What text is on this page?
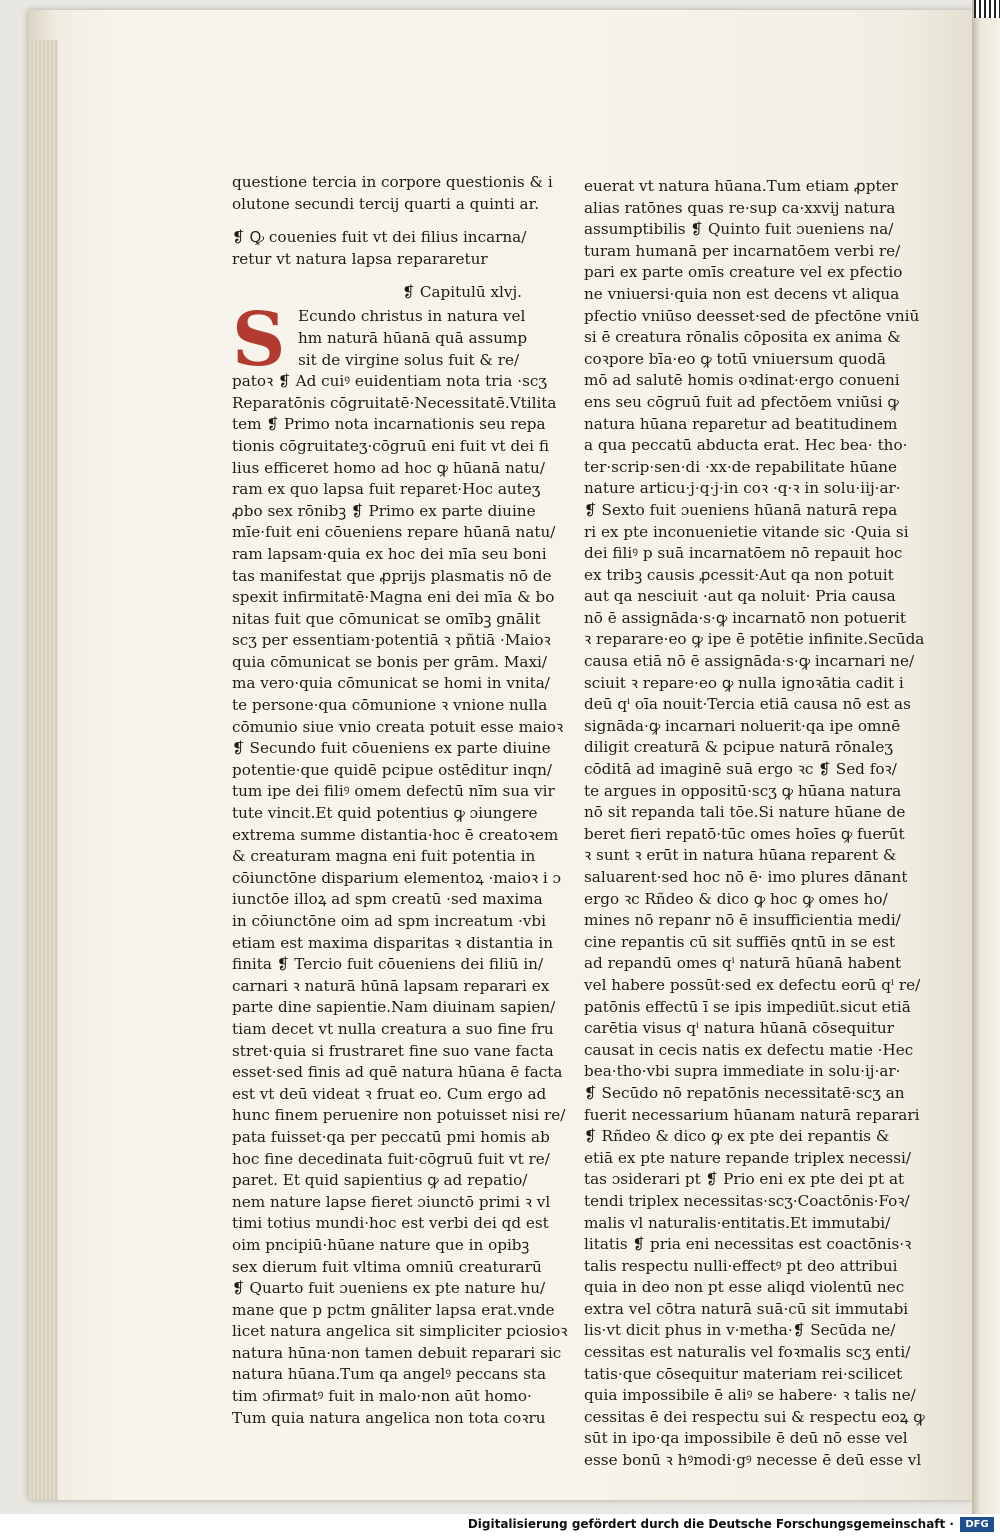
questione tercia in corpore questionis & i
olutone secundi tercij quarti a quinti ar.
❡ Ꝙ couenies fuit vt dei filius incarna/
retur vt natura lapsa repararetur
❡ Capitulū xlvj.
S Ecundo christus in natura vel
hm naturā hūanā quā assump
sit de virgine solus fuit & re/
patoꝛ ❡ Ad cuiꝰ euidentiam nota tria ·scʒ
Reparatōnis cōgruitatē·Necessitatē.Vtilita
tem ❡ Primo nota incarnationis seu repa
tionis cōgruitateʒ·cōgruū eni fuit vt dei fi
lius efficeret homo ad hoc ꝙ hūanā natu/
ram ex quo lapsa fuit reparet·Hoc auteʒ
ꝓbo sex rōnibꝫ ❡ Primo ex parte diuine
mīe·fuit eni cōueniens repare hūanā natu/
ram lapsam·quia ex hoc dei mīa seu boni
tas manifestat que ꝓprijs plasmatis nō de
spexit infirmitatē·Magna eni dei mīa & bo
nitas fuit que cōmunicat se omībꝫ gnālit
scʒ per essentiam·potentiā ꝛ pñtiā ·Maioꝛ
quia cōmunicat se bonis per grām. Maxi/
ma vero·quia cōmunicat se homi in vnita/
te persone·qua cōmunione ꝛ vnione nulla
cōmunio siue vnio creata potuit esse maioꝛ
❡ Secundo fuit cōueniens ex parte diuine
potentie·que quidē pcipue ostēditur inqn/
tum ipe dei filiꝰ omem defectū nīm sua vir
tute vincit.Et quid potentius ꝙ ɔiungere
extrema summe distantia·hoc ē creatoꝛem
& creaturam magna eni fuit potentia in
cōiunctōne disparium elementoꝝ ·maioꝛ i ɔ
iunctōe illoꝝ ad spm creatū ·sed maxima
in cōiunctōne oim ad spm increatum ·vbi
etiam est maxima disparitas ꝛ distantia in
finita ❡ Tercio fuit cōueniens dei filiū in/
carnari ꝛ naturā hūnā lapsam reparari ex
parte dine sapientie.Nam diuinam sapien/
tiam decet vt nulla creatura a suo fine fru
stret·quia si frustraret fine suo vane facta
esset·sed finis ad quē natura hūana ē facta
est vt deū videat ꝛ fruat eo. Cum ergo ad
hunc finem peruenire non potuisset nisi re/
pata fuisset·qa per peccatū pmi homis ab
hoc fine decedinata fuit·cōgruū fuit vt re/
paret. Et quid sapientius ꝙ ad repatio/
nem nature lapse fieret ɔiunctō primi ꝛ vl
timi totius mundi·hoc est verbi dei qd est
oim pncipiū·hūane nature que in opibꝫ
sex dierum fuit vltima omniū creaturarū
❡ Quarto fuit ɔueniens ex pte nature hu/
mane que p pctm gnāliter lapsa erat.vnde
licet natura angelica sit simpliciter pciosioꝛ
natura hūna·non tamen debuit reparari sic
natura hūana.Tum qa angelꝰ peccans sta
tim ɔfirmatꝰ fuit in malo·non aūt homo·
Tum quia natura angelica non tota coꝛru
euerat vt natura hūana.Tum etiam ꝓpter
alias ratōnes quas re·sup ca·xxvij natura
assumptibilis ❡ Quinto fuit ɔueniens na/
turam humanā per incarnatōem verbi re/
pari ex parte omīs creature vel ex pfectio
ne vniuersi·quia non est decens vt aliqua
pfectio vniūso deesset·sed de pfectōne vniū
si ē creatura rōnalis cōposita ex anima &
coꝛpore bīa·eo ꝙ totū vniuersum quodā
mō ad salutē homis oꝛdinat·ergo conueni
ens seu cōgruū fuit ad pfectōem vniūsi ꝙ
natura hūana reparetur ad beatitudinem
a qua peccatū abducta erat. Hec bea· tho·
ter·scrip·sen·di ·xx·de repabilitate hūane
nature articu·j·q·j·in coꝛ ·q·ꝛ in solu·iij·ar·
❡ Sexto fuit ɔueniens hūanā naturā repa
ri ex pte inconuenietie vitande sic ·Quia si
dei filiꝰ p suā incarnatōem nō repauit hoc
ex tribꝫ causis ꝓcessit·Aut qa non potuit
aut qa nesciuit ·aut qa noluit· Pria causa
nō ē assignāda·s·ꝙ incarnatō non potuerit
ꝛ reparare·eo ꝙ ipe ē potētie infinite.Secūda
causa etiā nō ē assignāda·s·ꝙ incarnari ne/
sciuit ꝛ repare·eo ꝙ nulla ignoꝛātia cadit i
deū qⁱ oīa nouit·Tercia etiā causa nō est as
signāda·ꝙ incarnari noluerit·qa ipe omnē
diligit creaturā & pcipue naturā rōnaleʒ
cōditā ad imaginē suā ergo ꝛc ❡ Sed foꝛ/
te argues in oppositū·scʒ ꝙ hūana natura
nō sit repanda tali tōe.Si nature hūane de
beret fieri repatō·tūc omes hoīes ꝙ fuerūt
ꝛ sunt ꝛ erūt in natura hūana reparent &
saluarent·sed hoc nō ē· imo plures dānant
ergo ꝛc Rñdeo & dico ꝙ hoc ꝙ omes ho/
mines nō repanr nō ē insufficientia medi/
cine repantis cū sit suffiēs qntū in se est
ad repandū omes qⁱ naturā hūanā habent
vel habere possūt·sed ex defectu eorū qⁱ re/
patōnis effectū ī se ipis impediūt.sicut etiā
carētia visus qⁱ natura hūanā cōsequitur
causat in cecis natis ex defectu matie ·Hec
bea·tho·vbi supra immediate in solu·ij·ar·
❡ Secūdo nō repatōnis necessitatē·scʒ an
fuerit necessarium hūanam naturā reparari
❡ Rñdeo & dico ꝙ ex pte dei repantis &
etiā ex pte nature repande triplex necessi/
tas ɔsiderari pt ❡ Prio eni ex pte dei pt at
tendi triplex necessitas·scʒ·Coactōnis·Foꝛ/
malis vl naturalis·entitatis.Et immutabi/
litatis ❡ pria eni necessitas est coactōnis·ꝛ
talis respectu nulli·effectꝰ pt deo attribui
quia in deo non pt esse aliqd violentū nec
extra vel cōtra naturā suā·cū sit immutabi
lis·vt dicit phus in v·metha·❡ Secūda ne/
cessitas est naturalis vel foꝛmalis scʒ enti/
tatis·que cōsequitur materiam rei·scilicet
quia impossibile ē aliꝰ se habere· ꝛ talis ne/
cessitas ē dei respectu sui & respectu eoꝝ ꝙ
sūt in ipo·qa impossibile ē deū nō esse vel
esse bonū ꝛ hꝰmodi·gꝰ necesse ē deū esse vl
Digitalisierung gefördert durch die Deutsche Forschungsgemeinschaft ·	DFG
